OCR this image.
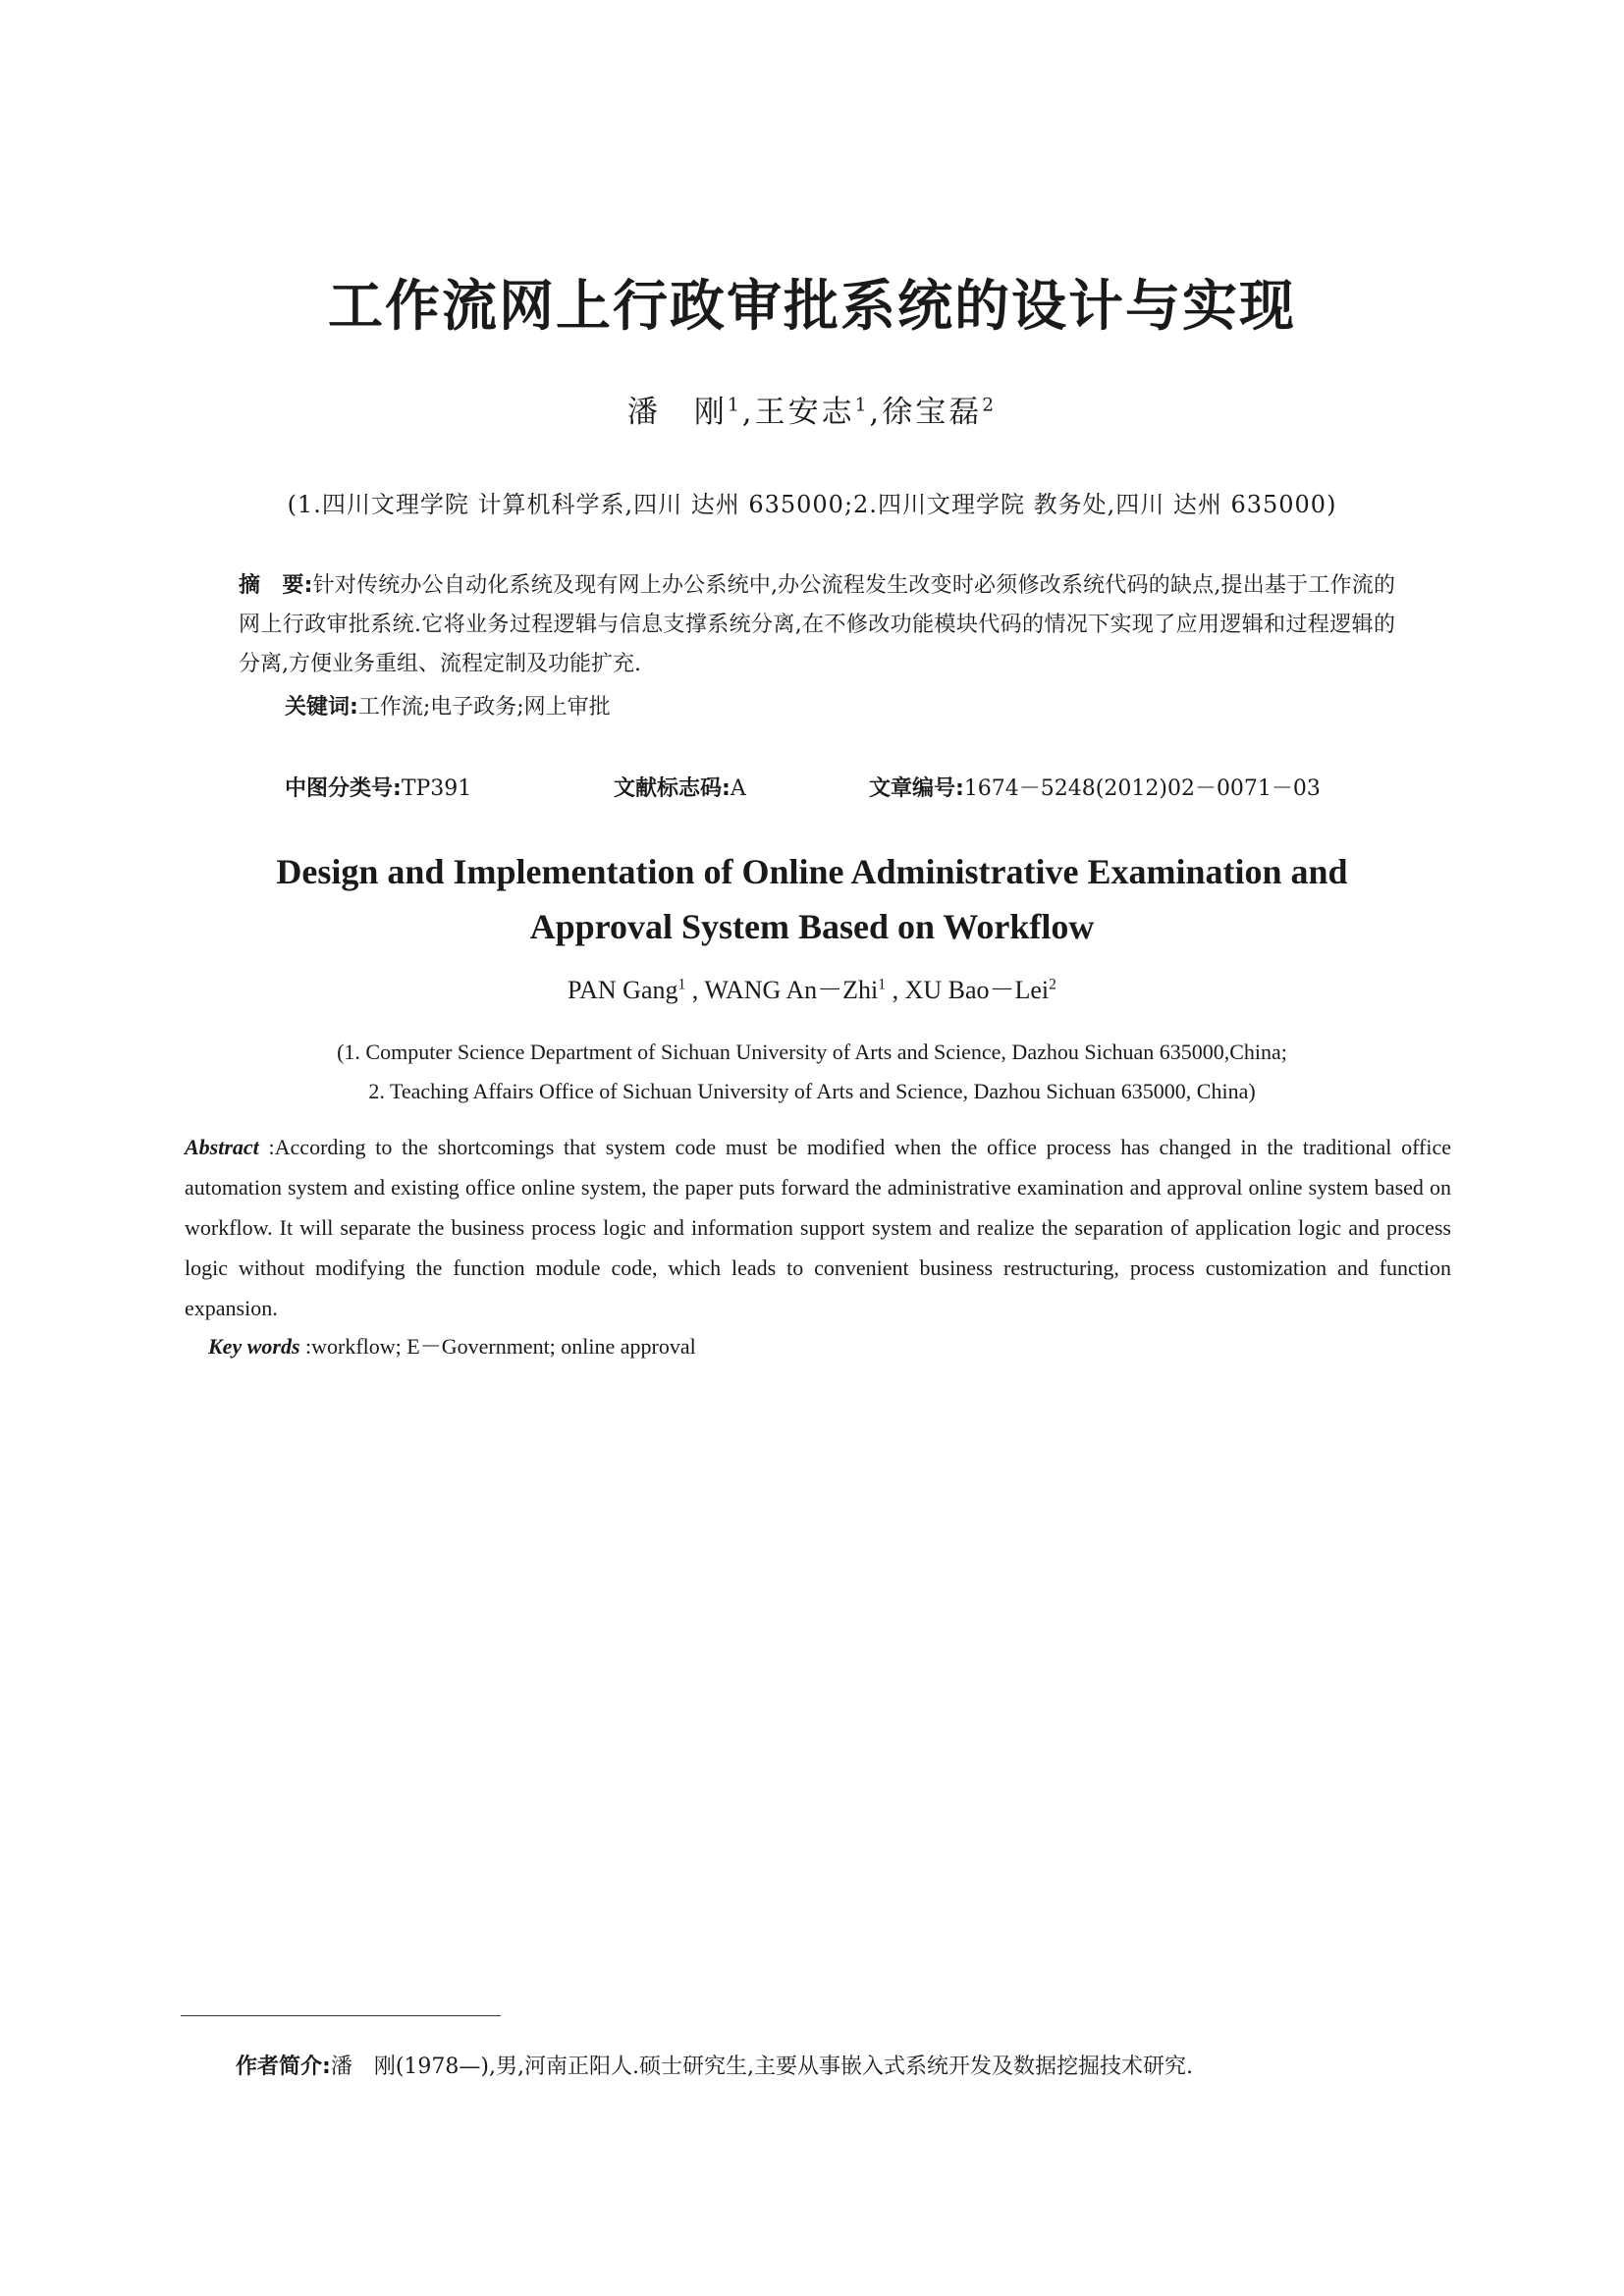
工作流网上行政审批系统的设计与实现
潘　刚$^1$,王安志$^1$,徐宝磊$^2$
(1.四川文理学院 计算机科学系,四川 达州 635000;2.四川文理学院 教务处,四川 达州 635000)
摘　要:针对传统办公自动化系统及现有网上办公系统中,办公流程发生改变时必须修改系统代码的缺点,提出基于工作流的网上行政审批系统.它将业务过程逻辑与信息支撑系统分离,在不修改功能模块代码的情况下实现了应用逻辑和过程逻辑的分离,方便业务重组、流程定制及功能扩充.
关键词:工作流;电子政务;网上审批
中图分类号:TP391	文献标志码:A	文章编号:1674－5248(2012)02－0071－03
Design and Implementation of Online Administrative Examination and
Approval System Based on Workflow
PAN Gang$^1$ , WANG An－Zhi$^1$ , XU Bao－Lei$^2$
(1. Computer Science Department of Sichuan University of Arts and Science, Dazhou Sichuan 635000,China;
2. Teaching Affairs Office of Sichuan University of Arts and Science, Dazhou Sichuan 635000, China)
Abstract :According to the shortcomings that system code must be modified when the office process has changed in the traditional office automation system and existing office online system, the paper puts forward the administrative examination and approval online system based on workflow. It will separate the business process logic and information support system and realize the separation of application logic and process logic without modifying the function module code, which leads to convenient business restructuring, process customization and function expansion.
Key words :workflow; E－Government; online approval
作者简介:潘　刚(1978—),男,河南正阳人.硕士研究生,主要从事嵌入式系统开发及数据挖掘技术研究.
